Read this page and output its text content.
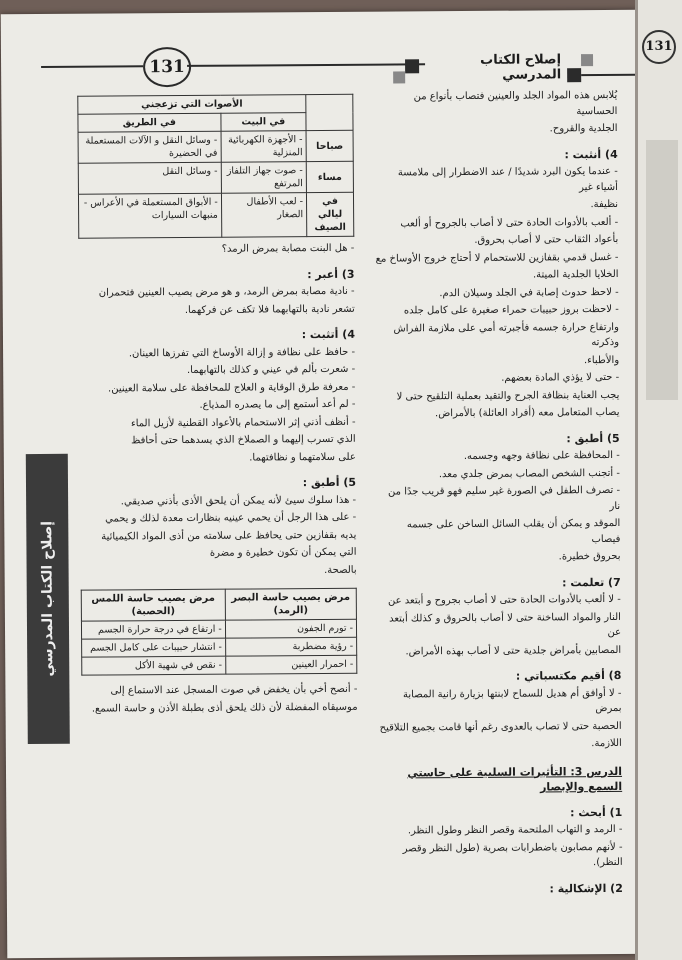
131	إصلاح الكتاب المدرسي
إصلاح الكتاب المدرسي

يُلابس هذه المواد الجلد والعينين فتصاب بأنواع من الحساسية

الجلدية والقروح.

4) أنثبت :

- عندما يكون البرد شديدًا / عند الاضطرار إلى ملامسة أشياء غير

نظيفة.

- ألعب بالأدوات الحادة حتى لا أصاب بالجروح أو ألعب

بأعواد الثقاب حتى لا أصاب بحروق.

- غسل قدمي بقفازين للاستحمام لا أحتاج خروج الأوساخ مع

الخلايا الجلدية الميتة.

- لاحظ حدوث إصابة في الجلد وسيلان الدم.

- لاحظت بروز حبيبات حمراء صغيرة على كامل جلده

وارتفاع حرارة جسمه فأجبرته أمي على ملازمة الفراش وذكرته

والأطباء.

- حتى لا يؤذي المادة بعضهم.

يجب العناية بنظافة الجرح والتقيد بعملية التلقيح حتى لا

يصاب المتعامل معه (أفراد العائلة) بالأمراض.

5) أطبق :

- المحافظة على نظافة وجهه وجسمه.

- أتجنب الشخص المصاب بمرض جلدي معد.

- تصرف الطفل في الصورة غير سليم فهو قريب جدًا من نار

الموقد و يمكن أن يقلب السائل الساخن على جسمه فيصاب

بحروق خطيرة.

7) تعلمت :

- لا ألعب بالأدوات الحادة حتى لا أصاب بجروح و أبتعد عن

النار والمواد الساخنة حتى لا أصاب بالحروق و كذلك أبتعد عن

المصابين بأمراض جلدية حتى لا أصاب بهذه الأمراض.

8) أقيم مكتسباتي :

- لا أوافق أم هديل للسماح لابنتها بزيارة رانية المصابة بمرض

الحصبة حتى لا تصاب بالعدوى رغم أنها قامت بجميع التلاقيح

اللازمة.

الدرس 3: التأثيرات السلبية على حاستي السمع والإبصار
1) أبحث :

- الرمد و التهاب الملتحمة وقصر النظر وطول النظر.

- لأنهم مصابون باضطرابات بصرية (طول النظر وقصر النظر).

2) الإشكالية :
	الأصوات التي تزعجني	
	في البيت	في الطريق
صباحا	- الأجهزة الكهربائية المنزلية	- وسائل النقل و الآلات المستعملة في الحضيرة
مساء	- صوت جهاز التلفاز المرتفع	- وسائل النقل
في ليالي الصيف	- لعب الأطفال الصغار	- الأبواق المستعملة في الأعراس - منبهات السيارات

- هل البنت مصابة بمرض الرمد؟

3) أعبر :

- نادية مصابة بمرض الرمد، و هو مرض يصيب العينين فتحمران

تشعر نادية بالتهابهما فلا تكف عن فركهما.

4) أتثبت :

- حافظ على نظافة و إزالة الأوساخ التي تفرزها العينان.

- شعرت بألم في عيني و كذلك بالتهابهما.

- معرفة طرق الوقاية و العلاج للمحافظة على سلامة العينين.

- لم أعد أستمع إلى ما يصدره المذياع.

- أنظف أذني إثر الاستحمام بالأعواد القطنية لأزيل الماء

الذي تسرب إليهما و الصملاخ الذي يسدهما حتى أحافظ

على سلامتهما و نظافتهما.

5) أطبق :

- هذا سلوك سيئ لأنه يمكن أن يلحق الأذى بأذني صديقي.

- على هذا الرجل أن يحمي عينيه بنظارات معدة لذلك و يحمي

يديه بقفازين حتى يحافظ على سلامته من أذى المواد الكيميائية

التي يمكن أن تكون خطيرة و مضرة

بالصحة.

مرض يصيب حاسة البصر (الرمد)	مرض يصيب حاسة اللمس (الحصبة)
- تورم الجفون	- ارتفاع في درجة حرارة الجسم
- رؤية مضطربة	- انتشار حبيبات على كامل الجسم
- احمرار العينين	- نقص في شهية الأكل

- أنصح أخي بأن يخفض في صوت المسجل عند الاستماع إلى

موسيقاه المفضلة لأن ذلك يلحق أذى بطبلة الأذن و حاسة السمع.

131
